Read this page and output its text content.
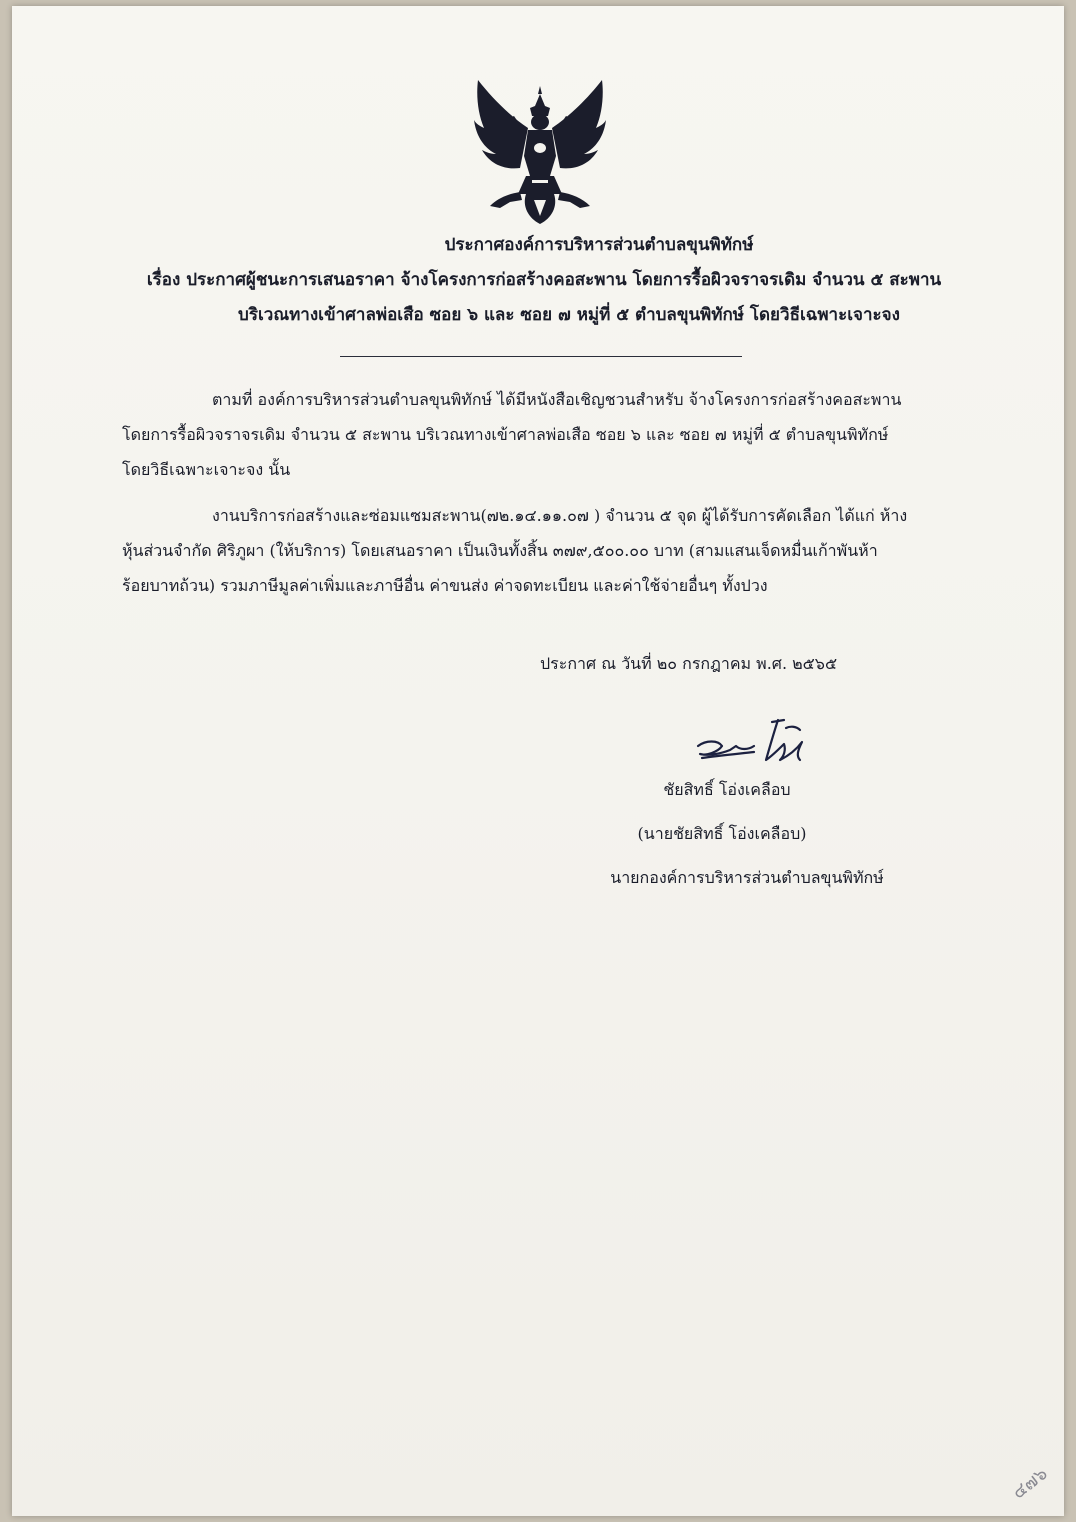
ประกาศองค์การบริหารส่วนตำบลขุนพิทักษ์
เรื่อง ประกาศผู้ชนะการเสนอราคา จ้างโครงการก่อสร้างคอสะพาน โดยการรื้อผิวจราจรเดิม จำนวน ๕ สะพาน
บริเวณทางเข้าศาลพ่อเสือ ซอย ๖ และ ซอย ๗ หมู่ที่ ๕ ตำบลขุนพิทักษ์ โดยวิธีเฉพาะเจาะจง
ตามที่ องค์การบริหารส่วนตำบลขุนพิทักษ์ ได้มีหนังสือเชิญชวนสำหรับ จ้างโครงการก่อสร้างคอสะพาน
โดยการรื้อผิวจราจรเดิม จำนวน ๕ สะพาน บริเวณทางเข้าศาลพ่อเสือ ซอย ๖ และ ซอย ๗ หมู่ที่ ๕ ตำบลขุนพิทักษ์
โดยวิธีเฉพาะเจาะจง นั้น
งานบริการก่อสร้างและซ่อมแซมสะพาน(๗๒.๑๔.๑๑.๐๗ ) จำนวน ๕ จุด ผู้ได้รับการคัดเลือก ได้แก่ ห้าง
หุ้นส่วนจำกัด ศิริภูผา (ให้บริการ) โดยเสนอราคา เป็นเงินทั้งสิ้น ๓๗๙,๕๐๐.๐๐ บาท (สามแสนเจ็ดหมื่นเก้าพันห้า
ร้อยบาทถ้วน) รวมภาษีมูลค่าเพิ่มและภาษีอื่น ค่าขนส่ง ค่าจดทะเบียน และค่าใช้จ่ายอื่นๆ ทั้งปวง
ประกาศ ณ วันที่ ๒๐ กรกฎาคม พ.ศ. ๒๕๖๕
ชัยสิทธิ์ โอ่งเคลือบ
(นายชัยสิทธิ์ โอ่งเคลือบ)
นายกองค์การบริหารส่วนตำบลขุนพิทักษ์
๔๗๖
